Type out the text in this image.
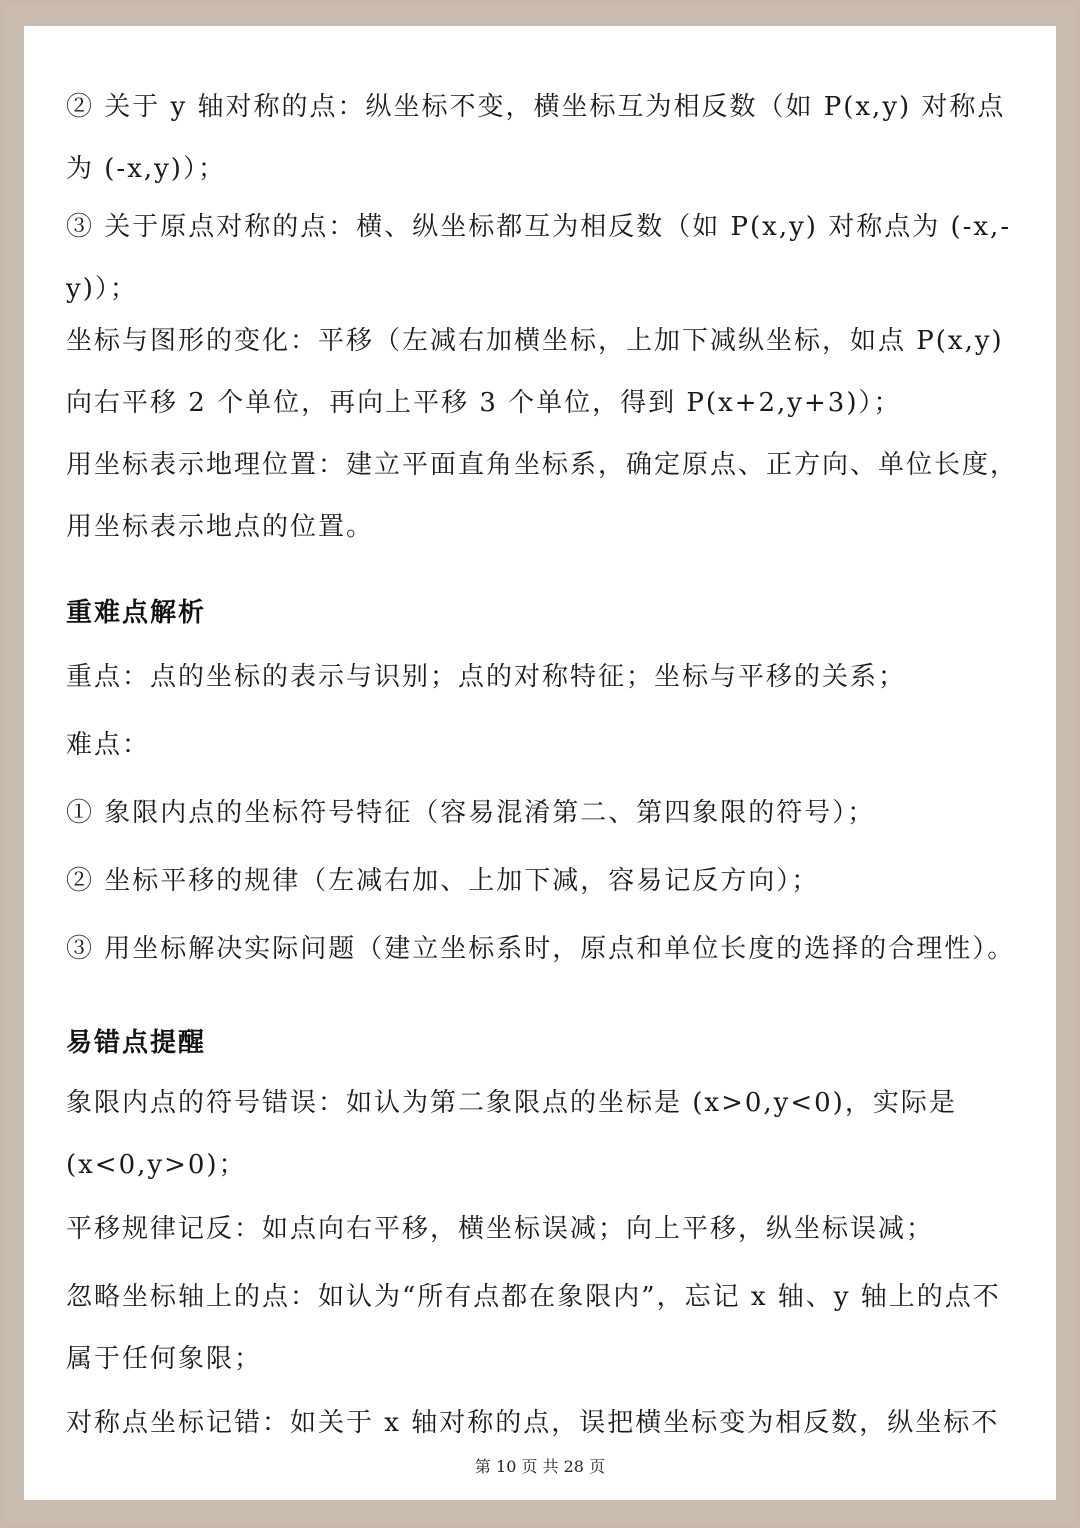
② 关于 y 轴对称的点：纵坐标不变，横坐标互为相反数（如 P(x,y) 对称点为 (-x,y)）；
③ 关于原点对称的点：横、纵坐标都互为相反数（如 P(x,y) 对称点为 (-x,-y)）；
坐标与图形的变化：平移（左减右加横坐标，上加下减纵坐标，如点 P(x,y) 向右平移 2 个单位，再向上平移 3 个单位，得到 P(x+2,y+3)）；
用坐标表示地理位置：建立平面直角坐标系，确定原点、正方向、单位长度，用坐标表示地点的位置。
重难点解析
重点：点的坐标的表示与识别；点的对称特征；坐标与平移的关系；
难点：
① 象限内点的坐标符号特征（容易混淆第二、第四象限的符号）；
② 坐标平移的规律（左减右加、上加下减，容易记反方向）；
③ 用坐标解决实际问题（建立坐标系时，原点和单位长度的选择的合理性）。
易错点提醒
象限内点的符号错误：如认为第二象限点的坐标是 (x>0,y<0)，实际是 (x<0,y>0)；
平移规律记反：如点向右平移，横坐标误减；向上平移，纵坐标误减；
忽略坐标轴上的点：如认为“所有点都在象限内”，忘记 x 轴、y 轴上的点不属于任何象限；
对称点坐标记错：如关于 x 轴对称的点，误把横坐标变为相反数，纵坐标不
第 10 页 共 28 页
